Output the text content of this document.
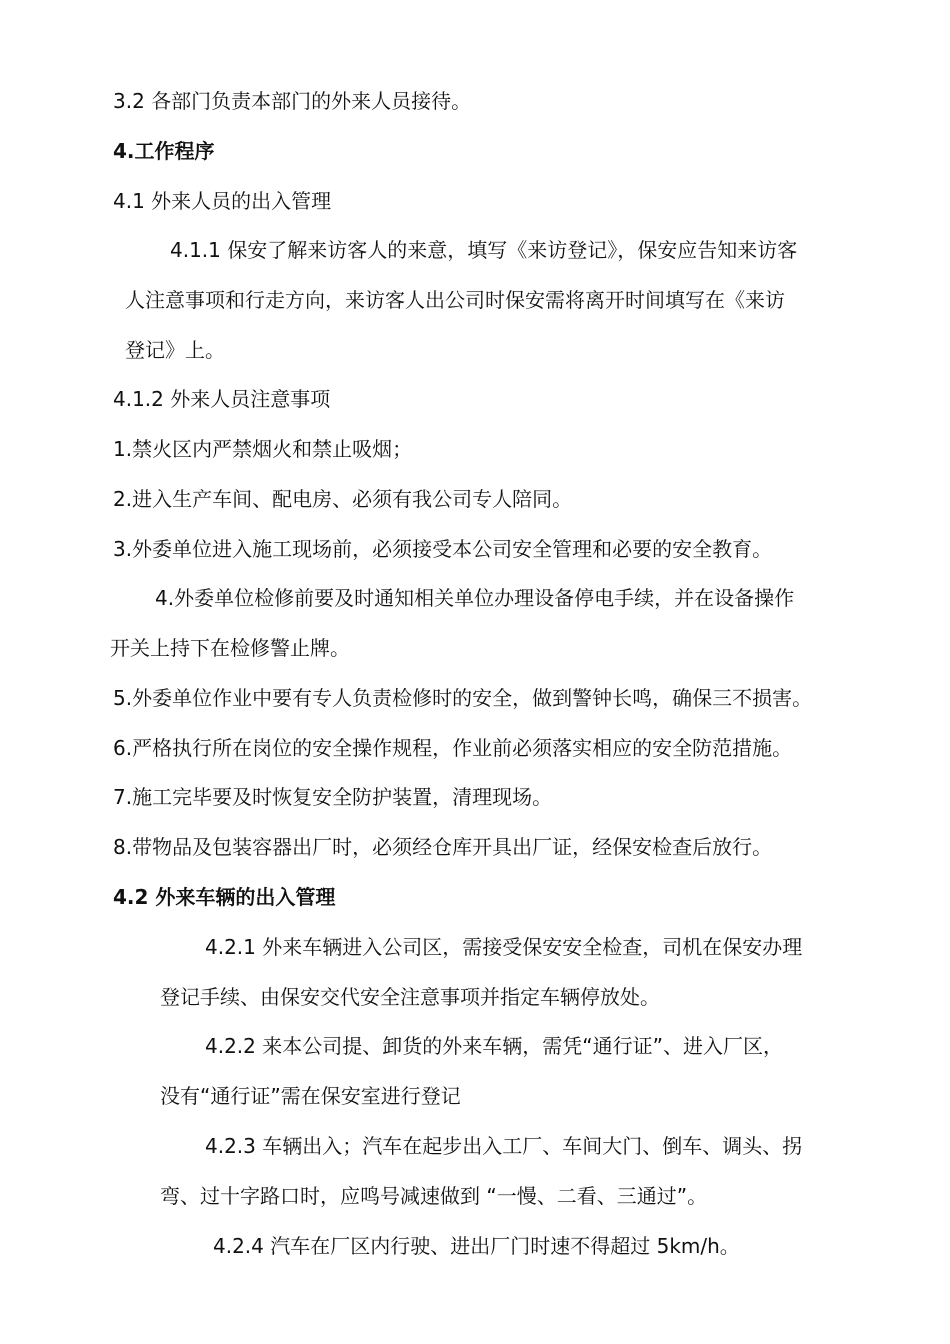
3.2 各部门负责本部门的外来人员接待。
4.工作程序
4.1 外来人员的出入管理
4.1.1 保安了解来访客人的来意，填写《来访登记》，保安应告知来访客
人注意事项和行走方向，来访客人出公司时保安需将离开时间填写在《来访
登记》上。
4.1.2 外来人员注意事项
1.禁火区内严禁烟火和禁止吸烟；
2.进入生产车间、配电房、必须有我公司专人陪同。
3.外委单位进入施工现场前，必须接受本公司安全管理和必要的安全教育。
4.外委单位检修前要及时通知相关单位办理设备停电手续，并在设备操作
开关上持下在检修警止牌。
5.外委单位作业中要有专人负责检修时的安全，做到警钟长鸣，确保三不损害。
6.严格执行所在岗位的安全操作规程，作业前必须落实相应的安全防范措施。
7.施工完毕要及时恢复安全防护装置，清理现场。
8.带物品及包装容器出厂时，必须经仓库开具出厂证，经保安检查后放行。
4.2 外来车辆的出入管理
4.2.1 外来车辆进入公司区，需接受保安安全检查，司机在保安办理
登记手续、由保安交代安全注意事项并指定车辆停放处。
4.2.2 来本公司提、卸货的外来车辆，需凭“通行证”、进入厂区，
没有“通行证”需在保安室进行登记
4.2.3 车辆出入；汽车在起步出入工厂、车间大门、倒车、调头、拐
弯、过十字路口时，应鸣号减速做到 “一慢、二看、三通过”。
4.2.4 汽车在厂区内行驶、进出厂门时速不得超过 5km/h。
